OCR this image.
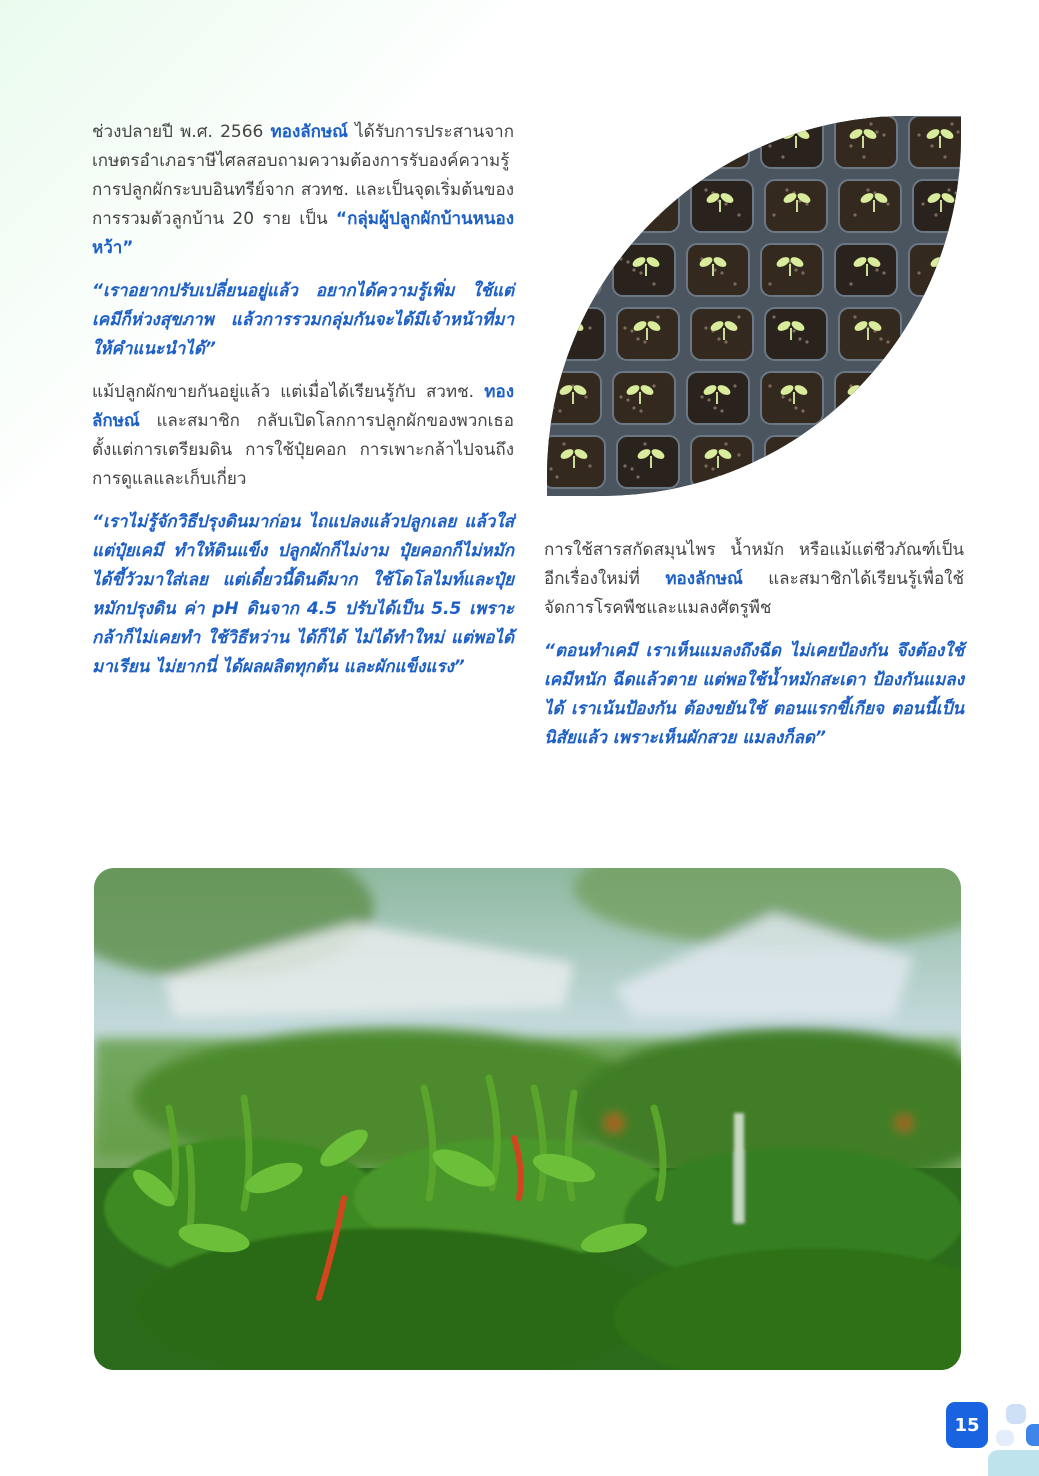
ช่วงปลายปี พ.ศ. 2566 ทองลักษณ์ ได้รับการประสานจากเกษตรอำเภอราษีไศลสอบถามความต้องการรับองค์ความรู้การปลูกผักระบบอินทรีย์จาก สวทช. และเป็นจุดเริ่มต้นของการรวมตัวลูกบ้าน 20 ราย เป็น “กลุ่มผู้ปลูกผักบ้านหนองหว้า”

“เราอยากปรับเปลี่ยนอยู่แล้ว อยากได้ความรู้เพิ่ม ใช้แต่เคมีก็ห่วงสุขภาพ แล้วการรวมกลุ่มกันจะได้มีเจ้าหน้าที่มาให้คำแนะนำได้”

แม้ปลูกผักขายกันอยู่แล้ว แต่เมื่อได้เรียนรู้กับ สวทช. ทองลักษณ์ และสมาชิก กลับเปิดโลกการปลูกผักของพวกเธอ ตั้งแต่การเตรียมดิน การใช้ปุ๋ยคอก การเพาะกล้าไปจนถึงการดูแลและเก็บเกี่ยว

“เราไม่รู้จักวิธีปรุงดินมาก่อน ไถแปลงแล้วปลูกเลย แล้วใส่แต่ปุ๋ยเคมี ทำให้ดินแข็ง ปลูกผักก็ไม่งาม ปุ๋ยคอกก็ไม่หมัก ได้ขี้วัวมาใส่เลย แต่เดี๋ยวนี้ดินดีมาก ใช้โดโลไมท์และปุ๋ยหมักปรุงดิน ค่า pH ดินจาก 4.5 ปรับได้เป็น 5.5 เพราะกล้าก็ไม่เคยทำ ใช้วิธีหว่าน ได้ก็ได้ ไม่ได้ทำใหม่ แต่พอได้มาเรียน ไม่ยากนี่ ได้ผลผลิตทุกต้น และผักแข็งแรง”

การใช้สารสกัดสมุนไพร น้ำหมัก หรือแม้แต่ชีวภัณฑ์เป็นอีกเรื่องใหม่ที่ ทองลักษณ์ และสมาชิกได้เรียนรู้เพื่อใช้จัดการโรคพืชและแมลงศัตรูพืช

“ตอนทำเคมี เราเห็นแมลงถึงฉีด ไม่เคยป้องกัน จึงต้องใช้เคมีหนัก ฉีดแล้วตาย แต่พอใช้น้ำหมักสะเดา ป้องกันแมลงได้ เราเน้นป้องกัน ต้องขยันใช้ ตอนแรกขี้เกียจ ตอนนี้เป็นนิสัยแล้ว เพราะเห็นผักสวย แมลงก็ลด”

15
